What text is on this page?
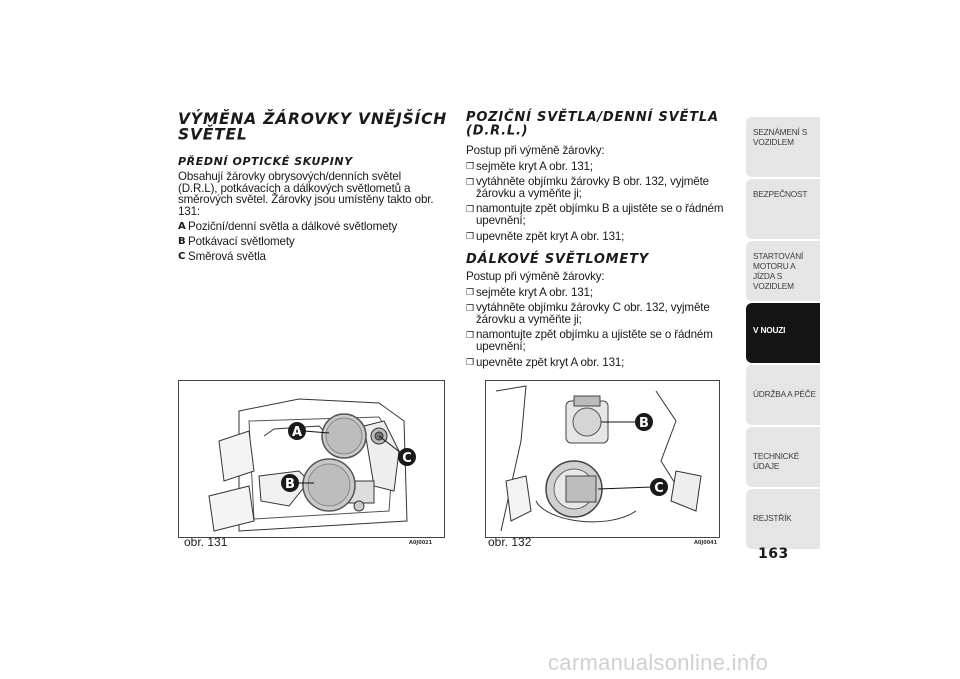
VÝMĚNA ŽÁROVKY VNĚJŠÍCH SVĚTEL
PŘEDNÍ OPTICKÉ SKUPINY

Obsahují žárovky obrysových/denních světel (D.R.L), potkávacích a dálkových světlometů a směrových světel. Žárovky jsou umístěny takto obr. 131:

A Poziční/denní světla a dálkové světlomety
B Potkávací světlomety
C Směrová světla
POZIČNÍ SVĚTLA/DENNÍ SVĚTLA (D.R.L.)

Postup při výměně žárovky:

❒ sejměte kryt A obr. 131;
❒ vytáhněte objímku žárovky B obr. 132, vyjměte žárovku a vyměňte ji;
❒ namontujte zpět objímku B a ujistěte se o řádném upevnění;
❒ upevněte zpět kryt A obr. 131;
DÁLKOVÉ SVĚTLOMETY

Postup při výměně žárovky:

❒ sejměte kryt A obr. 131;
❒ vytáhněte objímku žárovky C obr. 132, vyjměte žárovku a vyměňte ji;
❒ namontujte zpět objímku a ujistěte se o řádném upevnění;
❒ upevněte zpět kryt A obr. 131;
A
B
C
obr. 131	A0J0021
B
C
obr. 132	A0J0041
SEZNÁMENÍ S VOZIDLEM
BEZPEČNOST
STARTOVÁNÍ MOTORU A JÍZDA S VOZIDLEM
V NOUZI
ÚDRŽBA A PÉČE
TECHNICKÉ ÚDAJE
REJSTŘÍK
163
carmanualsonline.info
